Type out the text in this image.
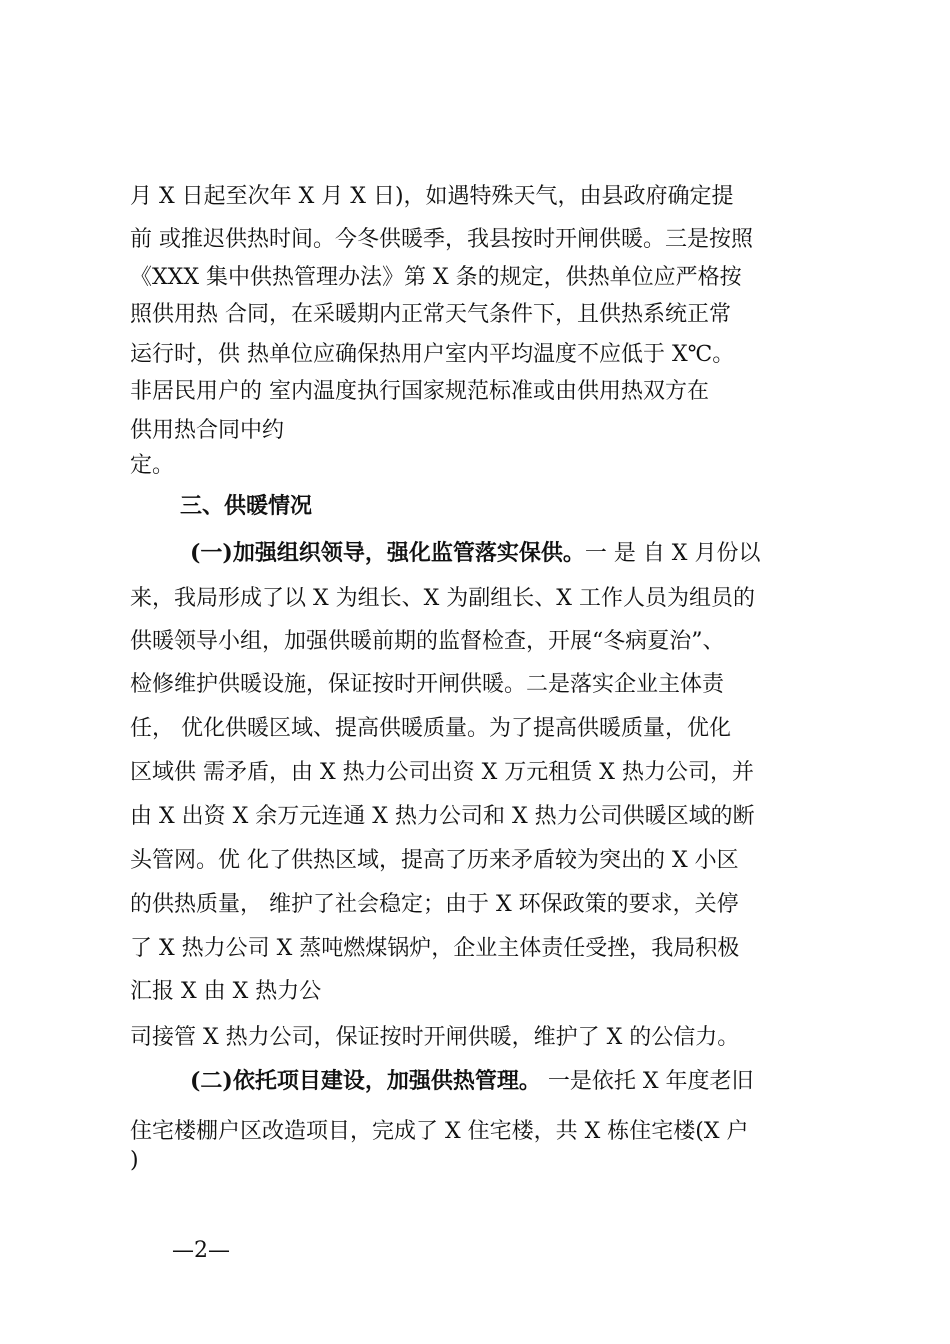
月 X 日起至次年 X 月 X 日)，如遇特殊天气，由县政府确定提
前 或推迟供热时间。今冬供暖季，我县按时开闸供暖。三是按照
《XXX 集中供热管理办法》第 X 条的规定，供热单位应严格按
照供用热 合同，在采暖期内正常天气条件下，且供热系统正常
运行时，供 热单位应确保热用户室内平均温度不应低于 X℃。
非居民用户的 室内温度执行国家规范标准或由供用热双方在
供用热合同中约
定。
三、供暖情况
(一)加强组织领导，强化监管落实保供。一 是 自 X 月份以
来，我局形成了以 X 为组长、X 为副组长、X 工作人员为组员的
供暖领导小组，加强供暖前期的监督检查，开展“冬病夏治”、
检修维护供暖设施，保证按时开闸供暖。二是落实企业主体责
任， 优化供暖区域、提高供暖质量。为了提高供暖质量，优化
区域供 需矛盾，由 X 热力公司出资 X 万元租赁 X 热力公司，并
由 X 出资 X 余万元连通 X 热力公司和 X 热力公司供暖区域的断
头管网。优 化了供热区域，提高了历来矛盾较为突出的 X 小区
的供热质量， 维护了社会稳定；由于 X 环保政策的要求，关停
了 X 热力公司 X 蒸吨燃煤锅炉，企业主体责任受挫，我局积极
汇报 X 由 X 热力公
司接管 X 热力公司，保证按时开闸供暖，维护了 X 的公信力。
(二)依托项目建设，加强供热管理。 一是依托 X 年度老旧
住宅楼棚户区改造项目，完成了 X 住宅楼，共 X 栋住宅楼(X 户
)
—2—
